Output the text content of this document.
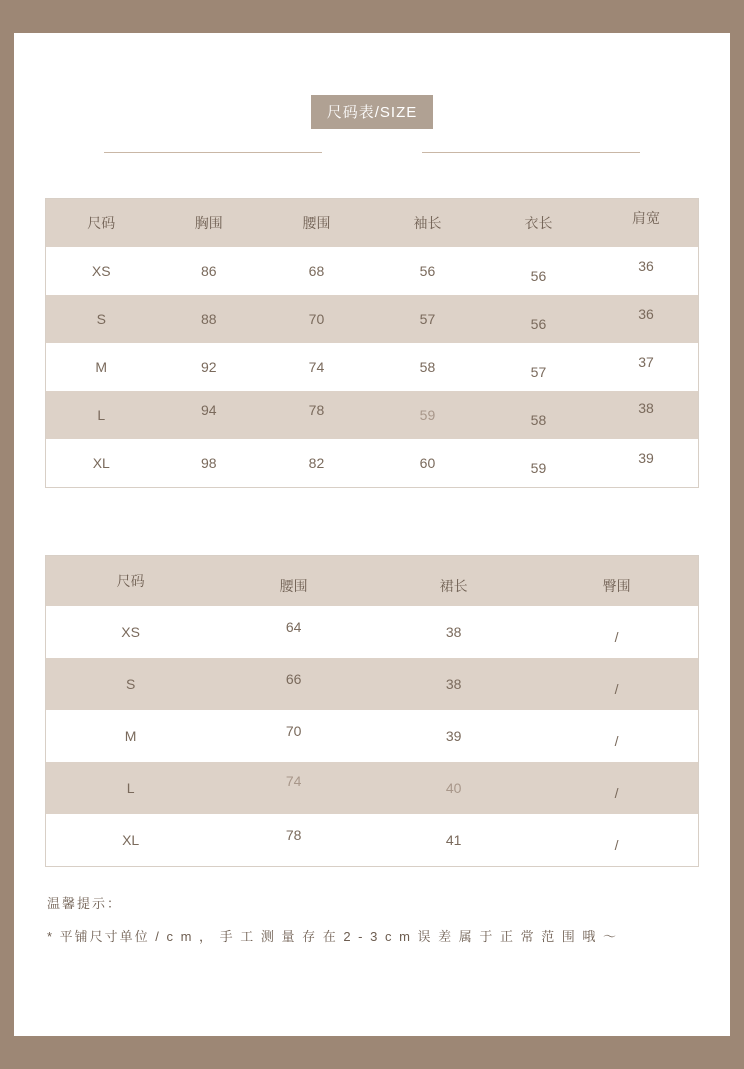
尺码表/SIZE
尺码	胸围	腰围	袖长	衣长	肩宽
XS	86	68	56	56	36
S	88	70	57	56	36
M	92	74	58	57	37
L	94	78	59	58	38
XL	98	82	60	59	39
尺码	腰围	裙长	臀围
XS	64	38	/
S	66	38	/
M	70	39	/
L	74	40	/
XL	78	41	/
温馨提示：
* 平铺尺寸单位 / c m ， 手 工 测 量 存 在 2 - 3 c m 误 差 属 于 正 常 范 围 哦 ～
